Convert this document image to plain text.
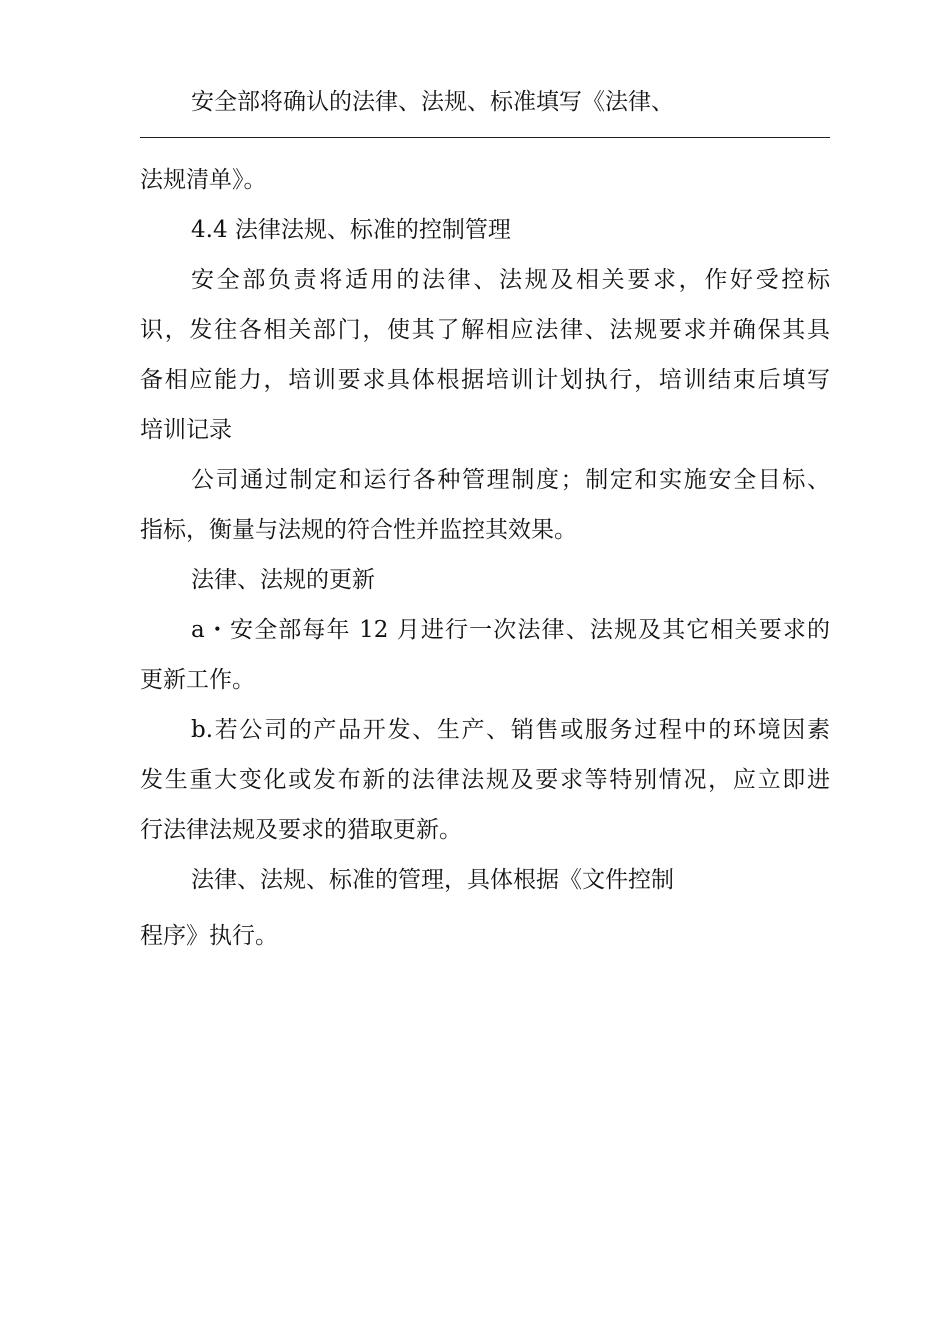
安全部将确认的法律、法规、标准填写《法律、
法规清单》。
4.4 法律法规、标准的控制管理
安全部负责将适用的法律、法规及相关要求，作好受控标
识，发往各相关部门，使其了解相应法律、法规要求并确保其具
备相应能力，培训要求具体根据培训计划执行，培训结束后填写
培训记录
公司通过制定和运行各种管理制度；制定和实施安全目标、
指标，衡量与法规的符合性并监控其效果。
法律、法规的更新
a・安全部每年 12 月进行一次法律、法规及其它相关要求的
更新工作。
b.若公司的产品开发、生产、销售或服务过程中的环境因素
发生重大变化或发布新的法律法规及要求等特别情况，应立即进
行法律法规及要求的猎取更新。
法律、法规、标准的管理，具体根据《文件控制
程序》执行。
